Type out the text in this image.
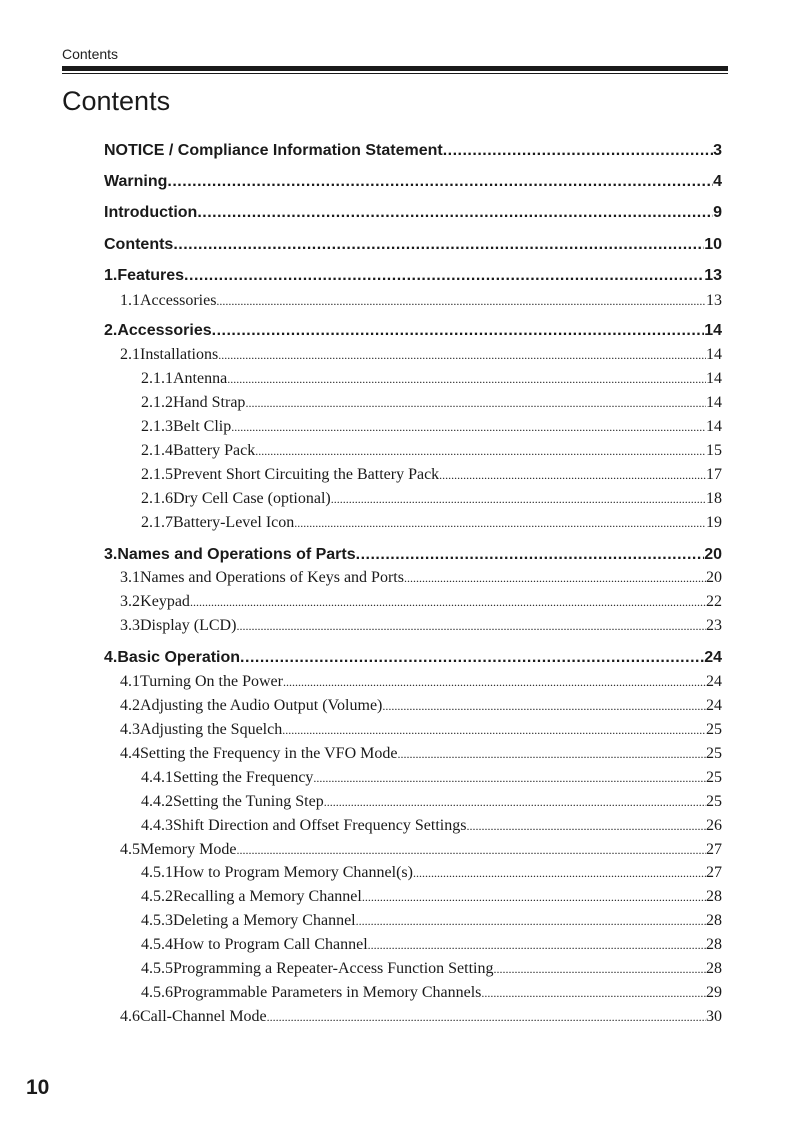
Contents
Contents
NOTICE / Compliance Information Statement .....	3
Warning .....	4
Introduction .....	9
Contents .....	10
1.Features .....	13
1.1 Accessories .....	13
2.Accessories .....	14
2.1 Installations .....	14
2.1.1 Antenna .....	14
2.1.2 Hand Strap .....	14
2.1.3 Belt Clip .....	14
2.1.4 Battery Pack .....	15
2.1.5 Prevent Short Circuiting the Battery Pack .....	17
2.1.6 Dry Cell Case (optional) .....	18
2.1.7 Battery-Level Icon .....	19
3.Names and Operations of Parts .....	20
3.1 Names and Operations of Keys and Ports .....	20
3.2 Keypad .....	22
3.3 Display (LCD) .....	23
4.Basic Operation .....	24
4.1 Turning On the Power .....	24
4.2 Adjusting the Audio Output (Volume) .....	24
4.3 Adjusting the Squelch .....	25
4.4 Setting the Frequency in the VFO Mode .....	25
4.4.1 Setting the Frequency .....	25
4.4.2 Setting the Tuning Step .....	25
4.4.3 Shift Direction and Offset Frequency Settings .....	26
4.5 Memory Mode .....	27
4.5.1 How to Program Memory Channel(s) .....	27
4.5.2 Recalling a Memory Channel .....	28
4.5.3 Deleting a Memory Channel .....	28
4.5.4 How to Program Call Channel .....	28
4.5.5 Programming a Repeater-Access Function Setting .....	28
4.5.6 Programmable Parameters in Memory Channels .....	29
4.6 Call-Channel Mode .....	30
10
